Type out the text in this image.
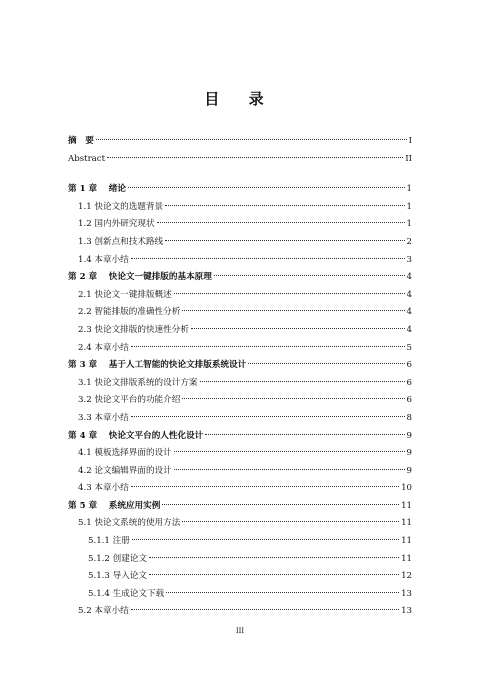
目 录
摘　要	I
Abstract	II
第 1 章　 绪论	1
1.1 快论文的选题背景	1
1.2 国内外研究现状	1
1.3 创新点和技术路线	2
1.4 本章小结	3
第 2 章　 快论文一键排版的基本原理	4
2.1 快论文一键排版概述	4
2.2 智能排版的准确性分析	4
2.3 快论文排版的快速性分析	4
2.4 本章小结	5
第 3 章　 基于人工智能的快论文排版系统设计	6
3.1 快论文排版系统的设计方案	6
3.2 快论文平台的功能介绍	6
3.3 本章小结	8
第 4 章　 快论文平台的人性化设计	9
4.1 模板选择界面的设计	9
4.2 论文编辑界面的设计	9
4.3 本章小结	10
第 5 章　 系统应用实例	11
5.1 快论文系统的使用方法	11
5.1.1 注册	11
5.1.2 创建论文	11
5.1.3 导入论文	12
5.1.4 生成论文下载	13
5.2 本章小结	13
III
